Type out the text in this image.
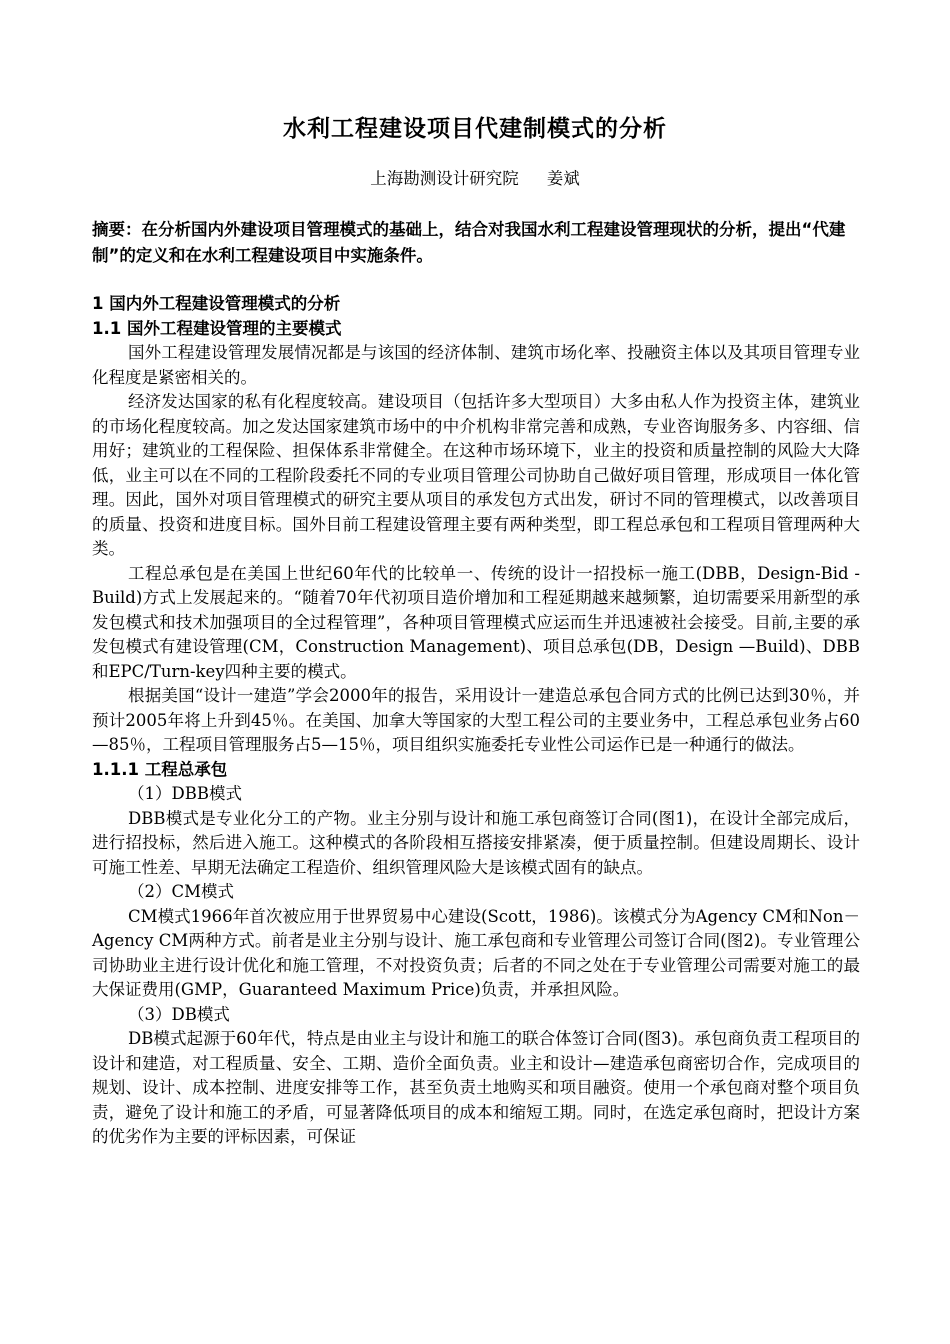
水利工程建设项目代建制模式的分析
上海勘测设计研究院 姜斌
摘要：在分析国内外建设项目管理模式的基础上，结合对我国水利工程建设管理现状的分析，提出“代建制”的定义和在水利工程建设项目中实施条件。

1 国内外工程建设管理模式的分析

1.1 国外工程建设管理的主要模式

国外工程建设管理发展情况都是与该国的经济体制、建筑市场化率、投融资主体以及其项目管理专业化程度是紧密相关的。

经济发达国家的私有化程度较高。建设项目（包括许多大型项目）大多由私人作为投资主体，建筑业的市场化程度较高。加之发达国家建筑市场中的中介机构非常完善和成熟，专业咨询服务多、内容细、信用好；建筑业的工程保险、担保体系非常健全。在这种市场环境下，业主的投资和质量控制的风险大大降低，业主可以在不同的工程阶段委托不同的专业项目管理公司协助自己做好项目管理，形成项目一体化管理。因此，国外对项目管理模式的研究主要从项目的承发包方式出发，研讨不同的管理模式，以改善项目的质量、投资和进度目标。国外目前工程建设管理主要有两种类型，即工程总承包和工程项目管理两种大类。

工程总承包是在美国上世纪60年代的比较单一、传统的设计一招投标一施工(DBB，Design-Bid -Build)方式上发展起来的。“随着70年代初项目造价增加和工程延期越来越频繁，迫切需要采用新型的承发包模式和技术加强项目的全过程管理”，各种项目管理模式应运而生并迅速被社会接受。目前,主要的承发包模式有建设管理(CM，Construction Management)、项目总承包(DB，Design —Build)、DBB和EPC/Turn-key四种主要的模式。

根据美国“设计一建造”学会2000年的报告，采用设计一建造总承包合同方式的比例已达到30％，并预计2005年将上升到45％。在美国、加拿大等国家的大型工程公司的主要业务中，工程总承包业务占60—85％，工程项目管理服务占5—15％，项目组织实施委托专业性公司运作已是一种通行的做法。

1.1.1 工程总承包

（1）DBB模式

DBB模式是专业化分工的产物。业主分别与设计和施工承包商签订合同(图1)，在设计全部完成后，进行招投标，然后进入施工。这种模式的各阶段相互搭接安排紧凑，便于质量控制。但建设周期长、设计可施工性差、早期无法确定工程造价、组织管理风险大是该模式固有的缺点。

（2）CM模式

CM模式1966年首次被应用于世界贸易中心建设(Scott，1986)。该模式分为Agency CM和Non－Agency CM两种方式。前者是业主分别与设计、施工承包商和专业管理公司签订合同(图2)。专业管理公司协助业主进行设计优化和施工管理，不对投资负责；后者的不同之处在于专业管理公司需要对施工的最大保证费用(GMP，Guaranteed Maximum Price)负责，并承担风险。

（3）DB模式

DB模式起源于60年代，特点是由业主与设计和施工的联合体签订合同(图3)。承包商负责工程项目的设计和建造，对工程质量、安全、工期、造价全面负责。业主和设计—建造承包商密切合作，完成项目的规划、设计、成本控制、进度安排等工作，甚至负责土地购买和项目融资。使用一个承包商对整个项目负责，避免了设计和施工的矛盾，可显著降低项目的成本和缩短工期。同时，在选定承包商时，把设计方案的优劣作为主要的评标因素，可保证
